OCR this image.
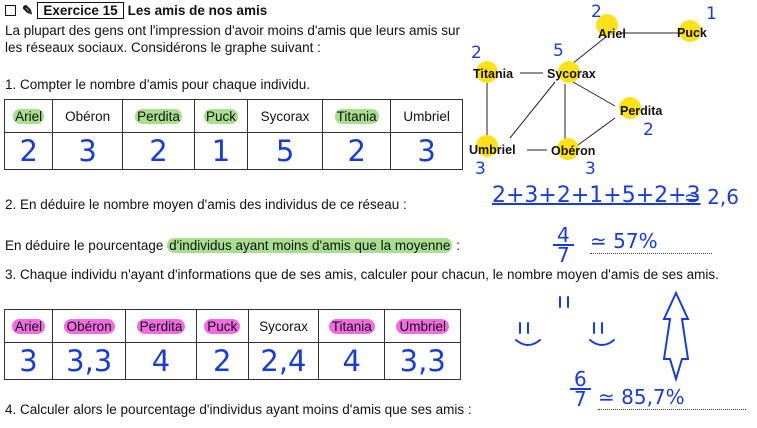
✎ Exercice 15 Les amis de nos amis
La plupart des gens ont l'impression d'avoir moins d'amis que leurs amis sur les réseaux sociaux. Considérons le graphe suivant :
1. Compter le nombre d'amis pour chaque individu.
Ariel	Obéron	Perdita	Puck	Sycorax	Titania	Umbriel
2	3	2	1	5	2	3
2. En déduire le nombre moyen d'amis des individus de ce réseau :	2+3+2+1+5+2+3
≃ 2,6
En déduire le pourcentage d'individus ayant moins d'amis que la moyenne :	4
7
≃ 57%
3. Chaque individu n'ayant d'informations que de ses amis, calculer pour chacun, le nombre moyen d'amis de ses amis.
Ariel	Obéron	Perdita	Puck	Sycorax	Titania	Umbriel
3	3,3	4	2	2,4	4	3,3
4. Calculer alors le pourcentage d'individus ayant moins d'amis que ses amis :
6
7 ≃ 85,7%
Ariel	Puck
Titania	Sycorax
Perdita
Umbriel	Obéron
2	1
2	5
2
3	3
